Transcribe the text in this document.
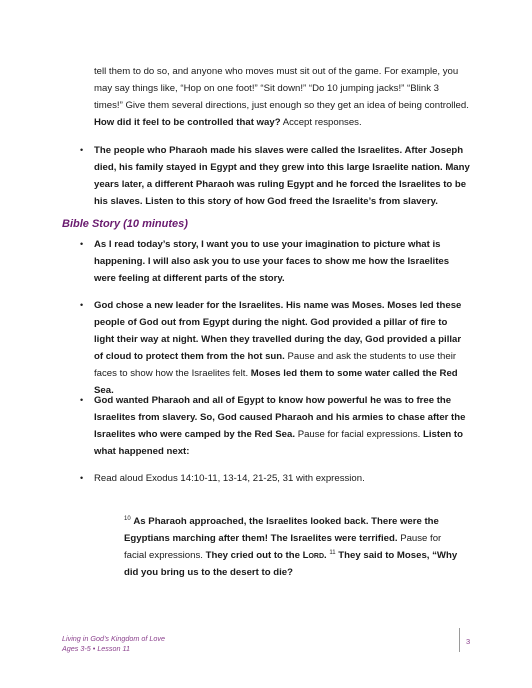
tell them to do so, and anyone who moves must sit out of the game. For example, you may say things like, “Hop on one foot!” “Sit down!” “Do 10 jumping jacks!” “Blink 3 times!” Give them several directions, just enough so they get an idea of being controlled. How did it feel to be controlled that way? Accept responses.

• The people who Pharaoh made his slaves were called the Israelites. After Joseph died, his family stayed in Egypt and they grew into this large Israelite nation. Many years later, a different Pharaoh was ruling Egypt and he forced the Israelites to be his slaves. Listen to this story of how God freed the Israelite’s from slavery.

Bible Story (10 minutes)
• As I read today’s story, I want you to use your imagination to picture what is happening. I will also ask you to use your faces to show me how the Israelites were feeling at different parts of the story.

• God chose a new leader for the Israelites. His name was Moses. Moses led these people of God out from Egypt during the night. God provided a pillar of fire to light their way at night. When they travelled during the day, God provided a pillar of cloud to protect them from the hot sun. Pause and ask the students to use their faces to show how the Israelites felt. Moses led them to some water called the Red Sea.

• God wanted Pharaoh and all of Egypt to know how powerful he was to free the Israelites from slavery. So, God caused Pharaoh and his armies to chase after the Israelites who were camped by the Red Sea. Pause for facial expressions. Listen to what happened next:

• Read aloud Exodus 14:10-11, 13-14, 21-25, 31 with expression.

$^{10}$ As Pharaoh approached, the Israelites looked back. There were the Egyptians marching after them! The Israelites were terrified. Pause for facial expressions. They cried out to the Lord. $^{11}$ They said to Moses, “Why did you bring us to the desert to die?

Living in God’s Kingdom of Love
Ages 3-5 • Lesson 11
3
